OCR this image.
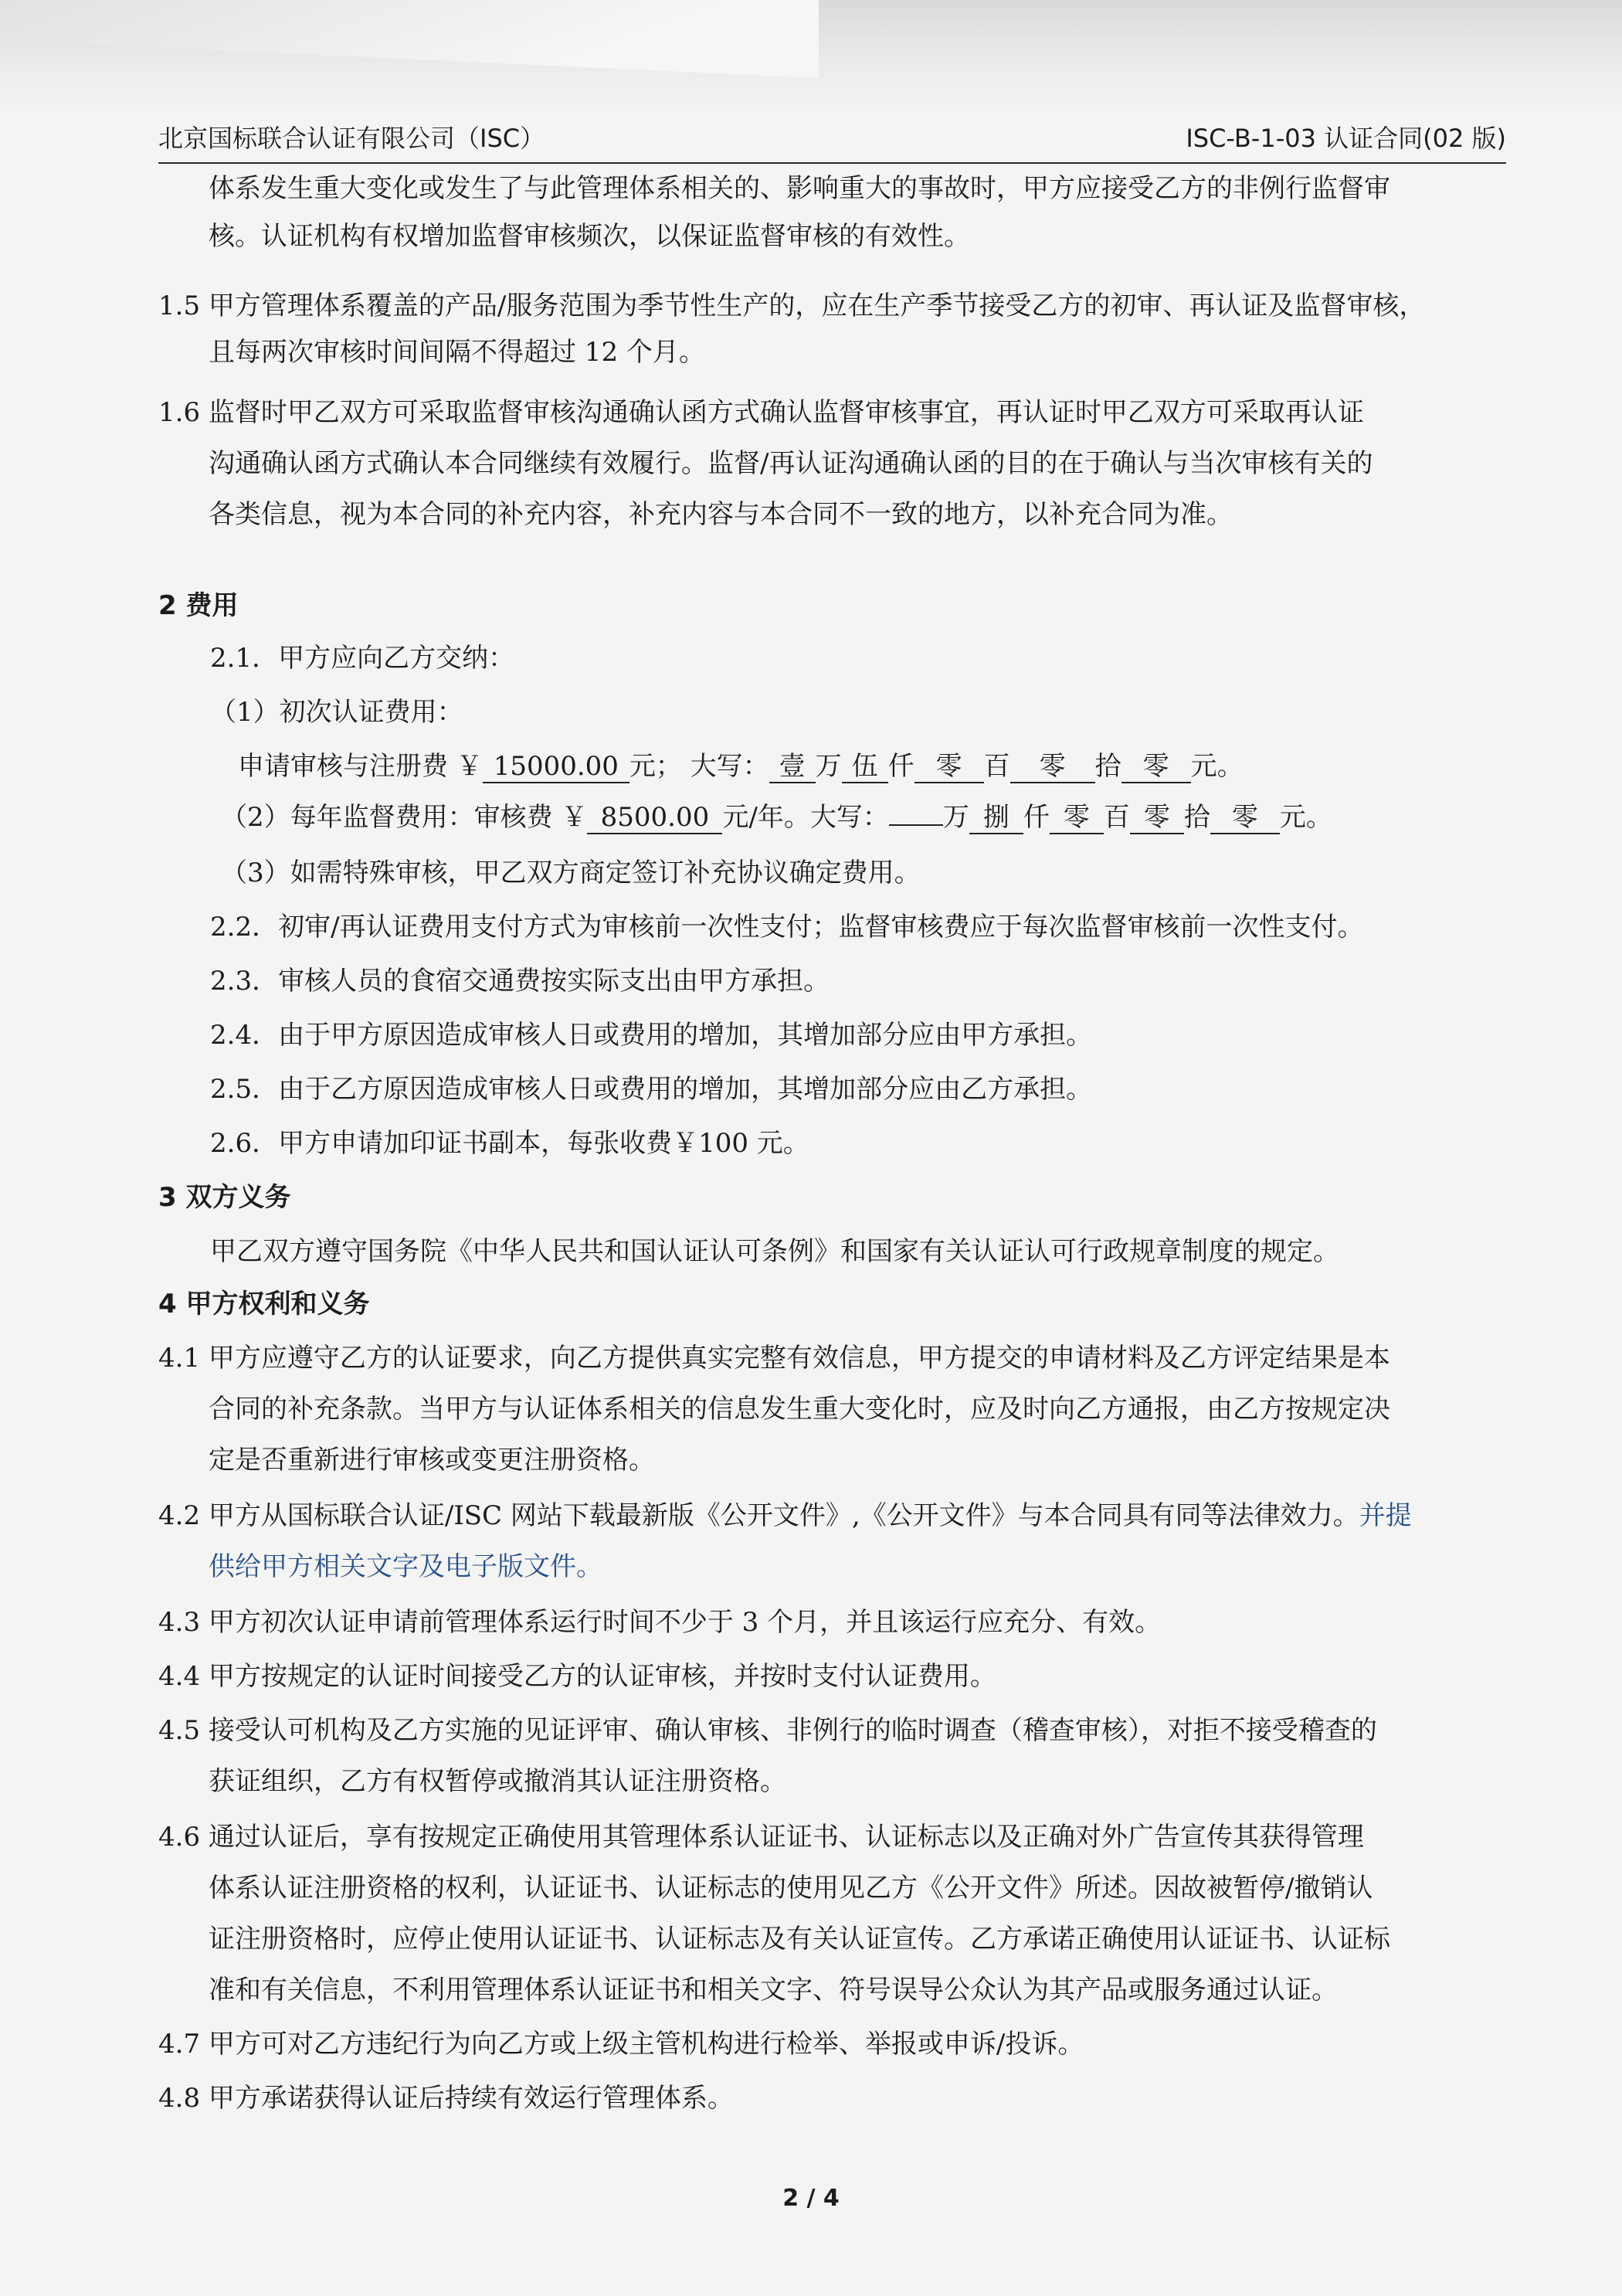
北京国标联合认证有限公司（ISC）	ISC-B-1-03 认证合同(02 版)
体系发生重大变化或发生了与此管理体系相关的、影响重大的事故时，甲方应接受乙方的非例行监督审
核。认证机构有权增加监督审核频次，以保证监督审核的有效性。
1.5 甲方管理体系覆盖的产品/服务范围为季节性生产的，应在生产季节接受乙方的初审、再认证及监督审核，
且每两次审核时间间隔不得超过 12 个月。
1.6 监督时甲乙双方可采取监督审核沟通确认函方式确认监督审核事宜，再认证时甲乙双方可采取再认证
沟通确认函方式确认本合同继续有效履行。监督/再认证沟通确认函的目的在于确认与当次审核有关的
各类信息，视为本合同的补充内容，补充内容与本合同不一致的地方，以补充合同为准。
2 费用
2.1．甲方应向乙方交纳：
（1）初次认证费用：
申请审核与注册费 ￥ 15000.00 元； 大写： 壹 万 伍 仟 零 百 零 拾 零 元。
（2）每年监督费用：审核费 ￥ 8500.00 元/年。大写： 万 捌 仟 零 百 零 拾 零 元。
（3）如需特殊审核，甲乙双方商定签订补充协议确定费用。
2.2．初审/再认证费用支付方式为审核前一次性支付；监督审核费应于每次监督审核前一次性支付。
2.3．审核人员的食宿交通费按实际支出由甲方承担。
2.4．由于甲方原因造成审核人日或费用的增加，其增加部分应由甲方承担。
2.5．由于乙方原因造成审核人日或费用的增加，其增加部分应由乙方承担。
2.6．甲方申请加印证书副本，每张收费￥100 元。
3 双方义务
甲乙双方遵守国务院《中华人民共和国认证认可条例》和国家有关认证认可行政规章制度的规定。
4 甲方权利和义务
4.1 甲方应遵守乙方的认证要求，向乙方提供真实完整有效信息，甲方提交的申请材料及乙方评定结果是本
合同的补充条款。当甲方与认证体系相关的信息发生重大变化时，应及时向乙方通报，由乙方按规定决
定是否重新进行审核或变更注册资格。
4.2 甲方从国标联合认证/ISC 网站下载最新版《公开文件》,《公开文件》与本合同具有同等法律效力。并提
供给甲方相关文字及电子版文件。
4.3 甲方初次认证申请前管理体系运行时间不少于 3 个月，并且该运行应充分、有效。
4.4 甲方按规定的认证时间接受乙方的认证审核，并按时支付认证费用。
4.5 接受认可机构及乙方实施的见证评审、确认审核、非例行的临时调查（稽查审核），对拒不接受稽查的
获证组织，乙方有权暂停或撤消其认证注册资格。
4.6 通过认证后，享有按规定正确使用其管理体系认证证书、认证标志以及正确对外广告宣传其获得管理
体系认证注册资格的权利，认证证书、认证标志的使用见乙方《公开文件》所述。因故被暂停/撤销认
证注册资格时，应停止使用认证证书、认证标志及有关认证宣传。乙方承诺正确使用认证证书、认证标
准和有关信息，不利用管理体系认证证书和相关文字、符号误导公众认为其产品或服务通过认证。
4.7 甲方可对乙方违纪行为向乙方或上级主管机构进行检举、举报或申诉/投诉。
4.8 甲方承诺获得认证后持续有效运行管理体系。
2 / 4
